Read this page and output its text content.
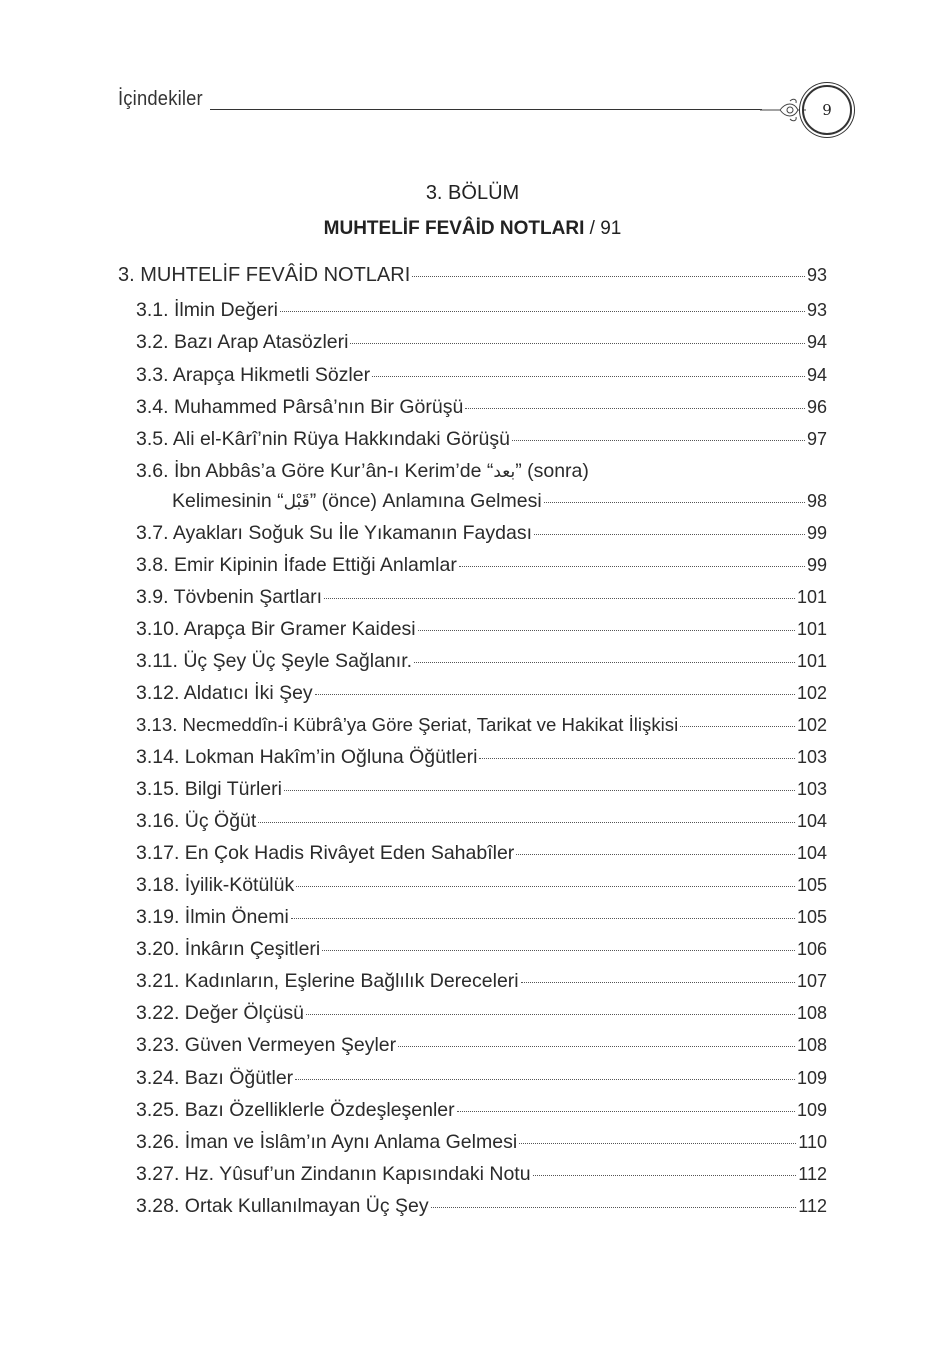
İçindekiler	9
3. BÖLÜM
MUHTELİF FEVÂİD NOTLARI / 91
3. MUHTELİF FEVÂİD NOTLARI	93
3.1. İlmin Değeri	93
3.2. Bazı Arap Atasözleri	94
3.3. Arapça Hikmetli Sözler	94
3.4. Muhammed Pârsâ’nın Bir Görüşü	96
3.5. Ali el-Kârî’nin Rüya Hakkındaki Görüşü	97
3.6. İbn Abbâs’a Göre Kur’ân-ı Kerim’de “بعد” (sonra)
Kelimesinin “قَبْل” (önce) Anlamına Gelmesi	98
3.7. Ayakları Soğuk Su İle Yıkamanın Faydası	99
3.8. Emir Kipinin İfade Ettiği Anlamlar	99
3.9. Tövbenin Şartları	101
3.10. Arapça Bir Gramer Kaidesi	101
3.11. Üç Şey Üç Şeyle Sağlanır.	101
3.12. Aldatıcı İki Şey	102
3.13. Necmeddîn-i Kübrâ’ya Göre Şeriat, Tarikat ve Hakikat İlişkisi	102
3.14. Lokman Hakîm’in Oğluna Öğütleri	103
3.15. Bilgi Türleri	103
3.16. Üç Öğüt	104
3.17. En Çok Hadis Rivâyet Eden Sahabîler	104
3.18. İyilik-Kötülük	105
3.19. İlmin Önemi	105
3.20. İnkârın Çeşitleri	106
3.21. Kadınların, Eşlerine Bağlılık Dereceleri	107
3.22. Değer Ölçüsü	108
3.23. Güven Vermeyen Şeyler	108
3.24. Bazı Öğütler	109
3.25. Bazı Özelliklerle Özdeşleşenler	109
3.26. İman ve İslâm’ın Aynı Anlama Gelmesi	110
3.27. Hz. Yûsuf’un Zindanın Kapısındaki Notu	112
3.28. Ortak Kullanılmayan Üç Şey	112
